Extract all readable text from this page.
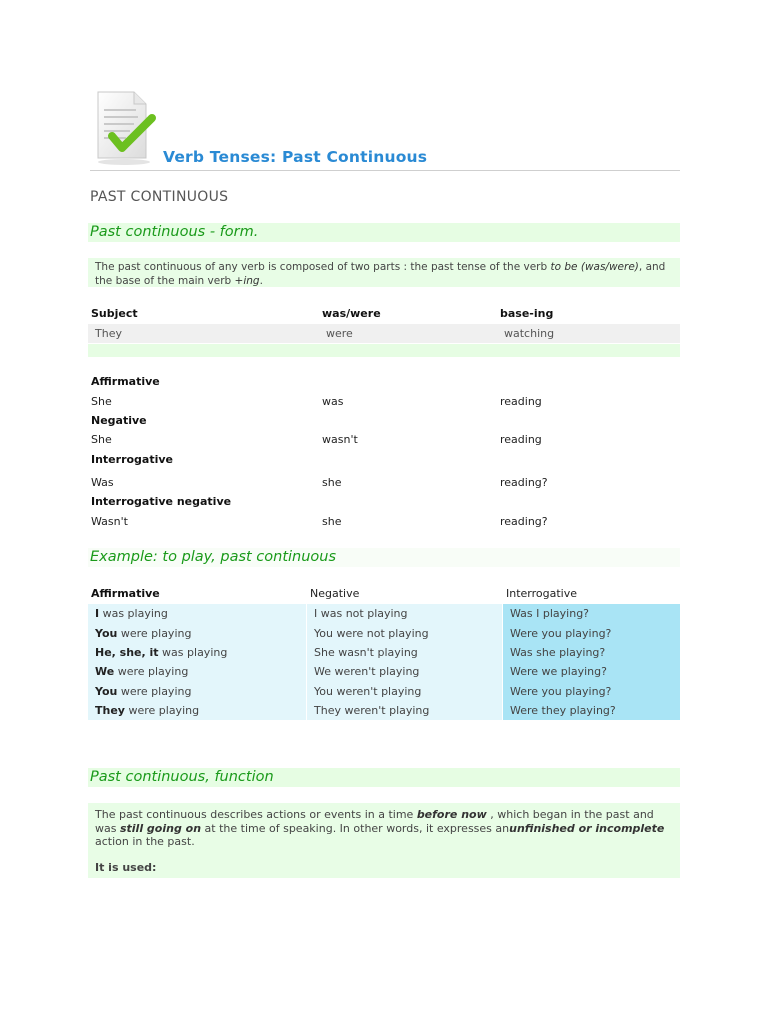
Verb Tenses: Past Continuous
PAST CONTINUOUS
Past continuous - form.
The past continuous of any verb is composed of two parts : the past tense of the verb to be (was/were), and the base of the main verb +ing.
Subject	was/were	base-ing
They	were	watching
Affirmative
She	was	reading
Negative
She	wasn't	reading
Interrogative
Was	she	reading?
Interrogative negative
Wasn't	she	reading?
Example: to play, past continuous
Affirmative	Negative	Interrogative
I was playing	I was not playing	Was I playing?
You were playing	You were not playing	Were you playing?
He, she, it was playing	She wasn't playing	Was she playing?
We were playing	We weren't playing	Were we playing?
You were playing	You weren't playing	Were you playing?
They were playing	They weren't playing	Were they playing?
Past continuous, function
The past continuous describes actions or events in a time before now , which began in the past and was still going on at the time of speaking. In other words, it expresses anunfinished or incomplete action in the past.
It is used:
